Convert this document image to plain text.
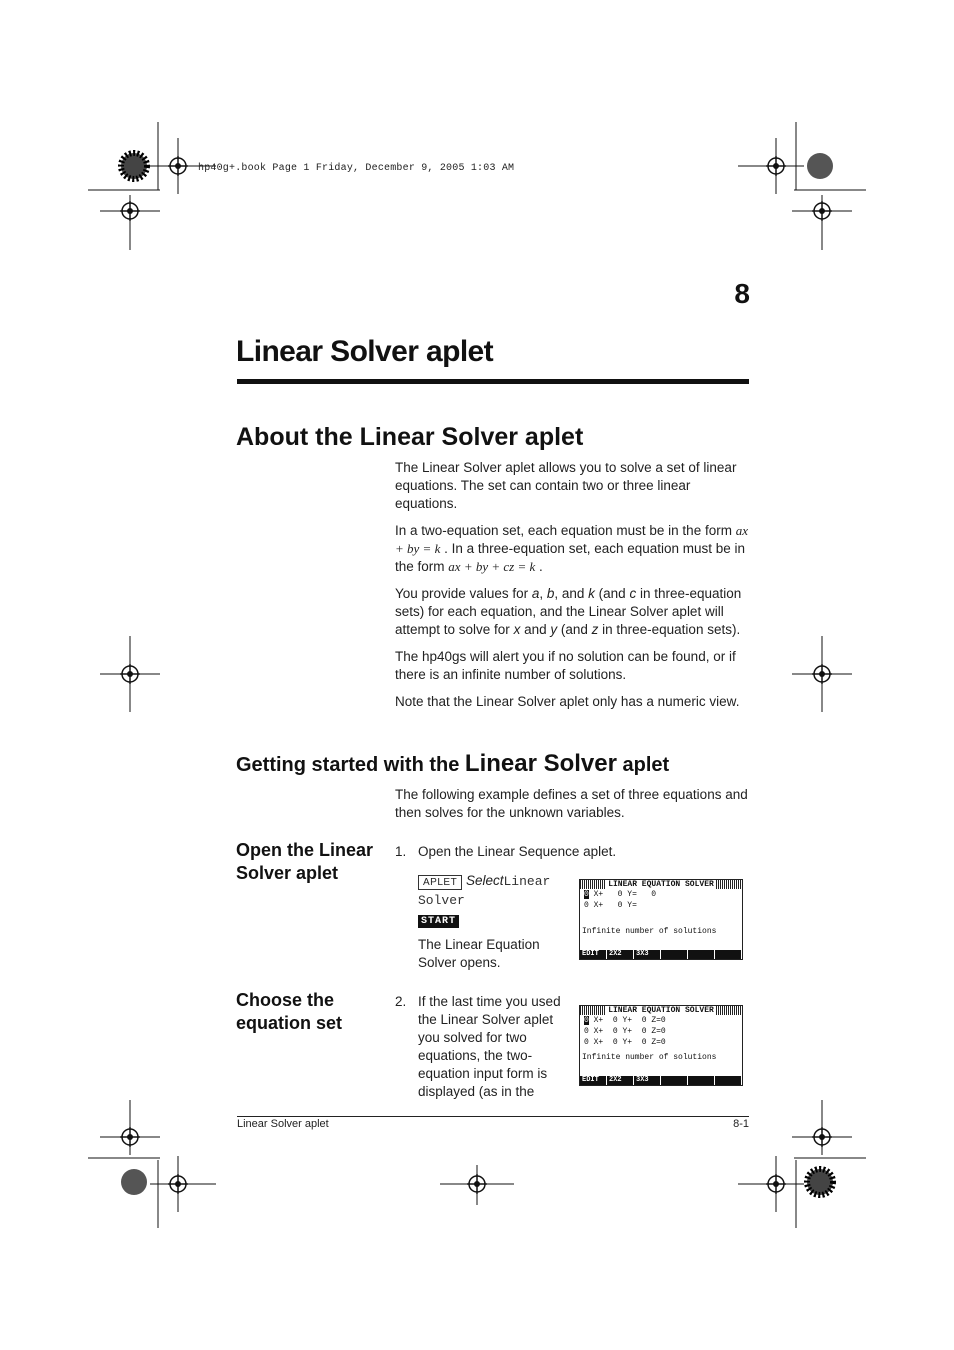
hp40g+.book Page 1 Friday, December 9, 2005 1:03 AM
8
Linear Solver aplet
About the Linear Solver aplet

The Linear Solver aplet allows you to solve a set of linear equations. The set can contain two or three linear equations.

In a two-equation set, each equation must be in the form ax + by = k . In a three-equation set, each equation must be in the form ax + by + cz = k .

You provide values for a, b, and k (and c in three-equation sets) for each equation, and the Linear Solver aplet will attempt to solve for x and y (and z in three-equation sets).

The hp40gs will alert you if no solution can be found, or if there is an infinite number of solutions.

Note that the Linear Solver aplet only has a numeric view.

Getting started with the Linear Solver aplet
The following example defines a set of three equations and then solves for the unknown variables.
Open the Linear Solver aplet
1. Open the Linear Sequence aplet.
APLET SelectLinear Solver
START
The Linear Equation Solver opens.
LINEAR EQUATION SOLVER
0 X+ 0 Y= 0
0 X+ 0 Y=
Infinite number of solutions
EDIT	2X2	3X3
Choose the equation set
2. If the last time you used the Linear Solver aplet you solved for two equations, the two-equation input form is displayed (as in the
LINEAR EQUATION SOLVER
0 X+ 0 Y+ 0 Z=0
0 X+ 0 Y+ 0 Z=0
0 X+ 0 Y+ 0 Z=0
Infinite number of solutions
EDIT	2X2	3X3
Linear Solver aplet	8-1
